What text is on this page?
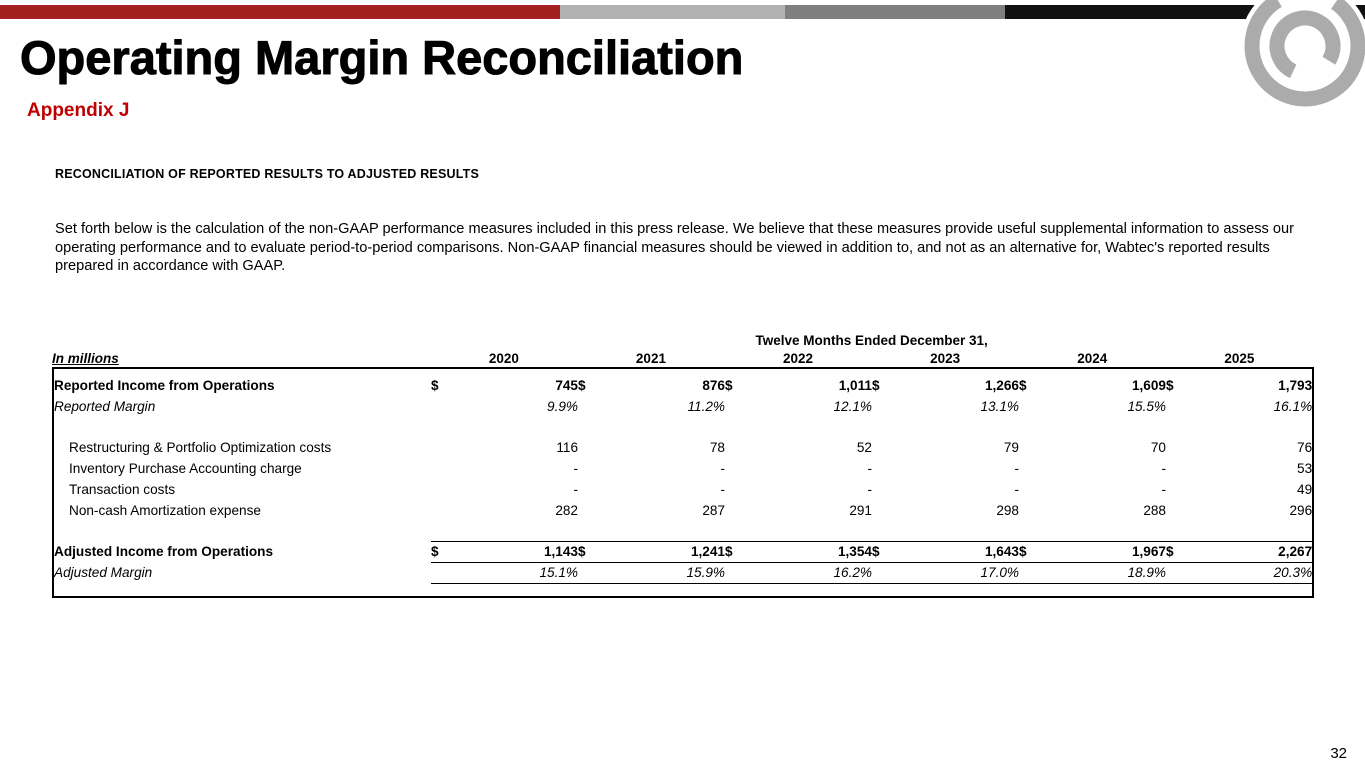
Operating Margin Reconciliation
Appendix J
RECONCILIATION OF REPORTED RESULTS TO ADJUSTED RESULTS

Set forth below is the calculation of the non-GAAP performance measures included in this press release. We believe that these measures provide useful supplemental information to assess our operating performance and to evaluate period-to-period comparisons. Non-GAAP financial measures should be viewed in addition to, and not as an alternative for, Wabtec's reported results prepared in accordance with GAAP.

	Twelve Months Ended December 31,					
In millions	2020	2021	2022	2023	2024	2025

Reported Income from Operations	$	745	$	876	$	1,011	$	1,266	$	1,609	$	1,793
Reported Margin		9.9%		11.2%		12.1%		13.1%		15.5%		16.1%

Restructuring & Portfolio Optimization costs		116		78		52		79		70		76
Inventory Purchase Accounting charge		-		-		-		-		-		53
Transaction costs		-		-		-		-		-		49
Non-cash Amortization expense		282		287		291		298		288		296

Adjusted Income from Operations	$	1,143	$	1,241	$	1,354	$	1,643	$	1,967	$	2,267
Adjusted Margin		15.1%		15.9%		16.2%		17.0%		18.9%		20.3%

32
